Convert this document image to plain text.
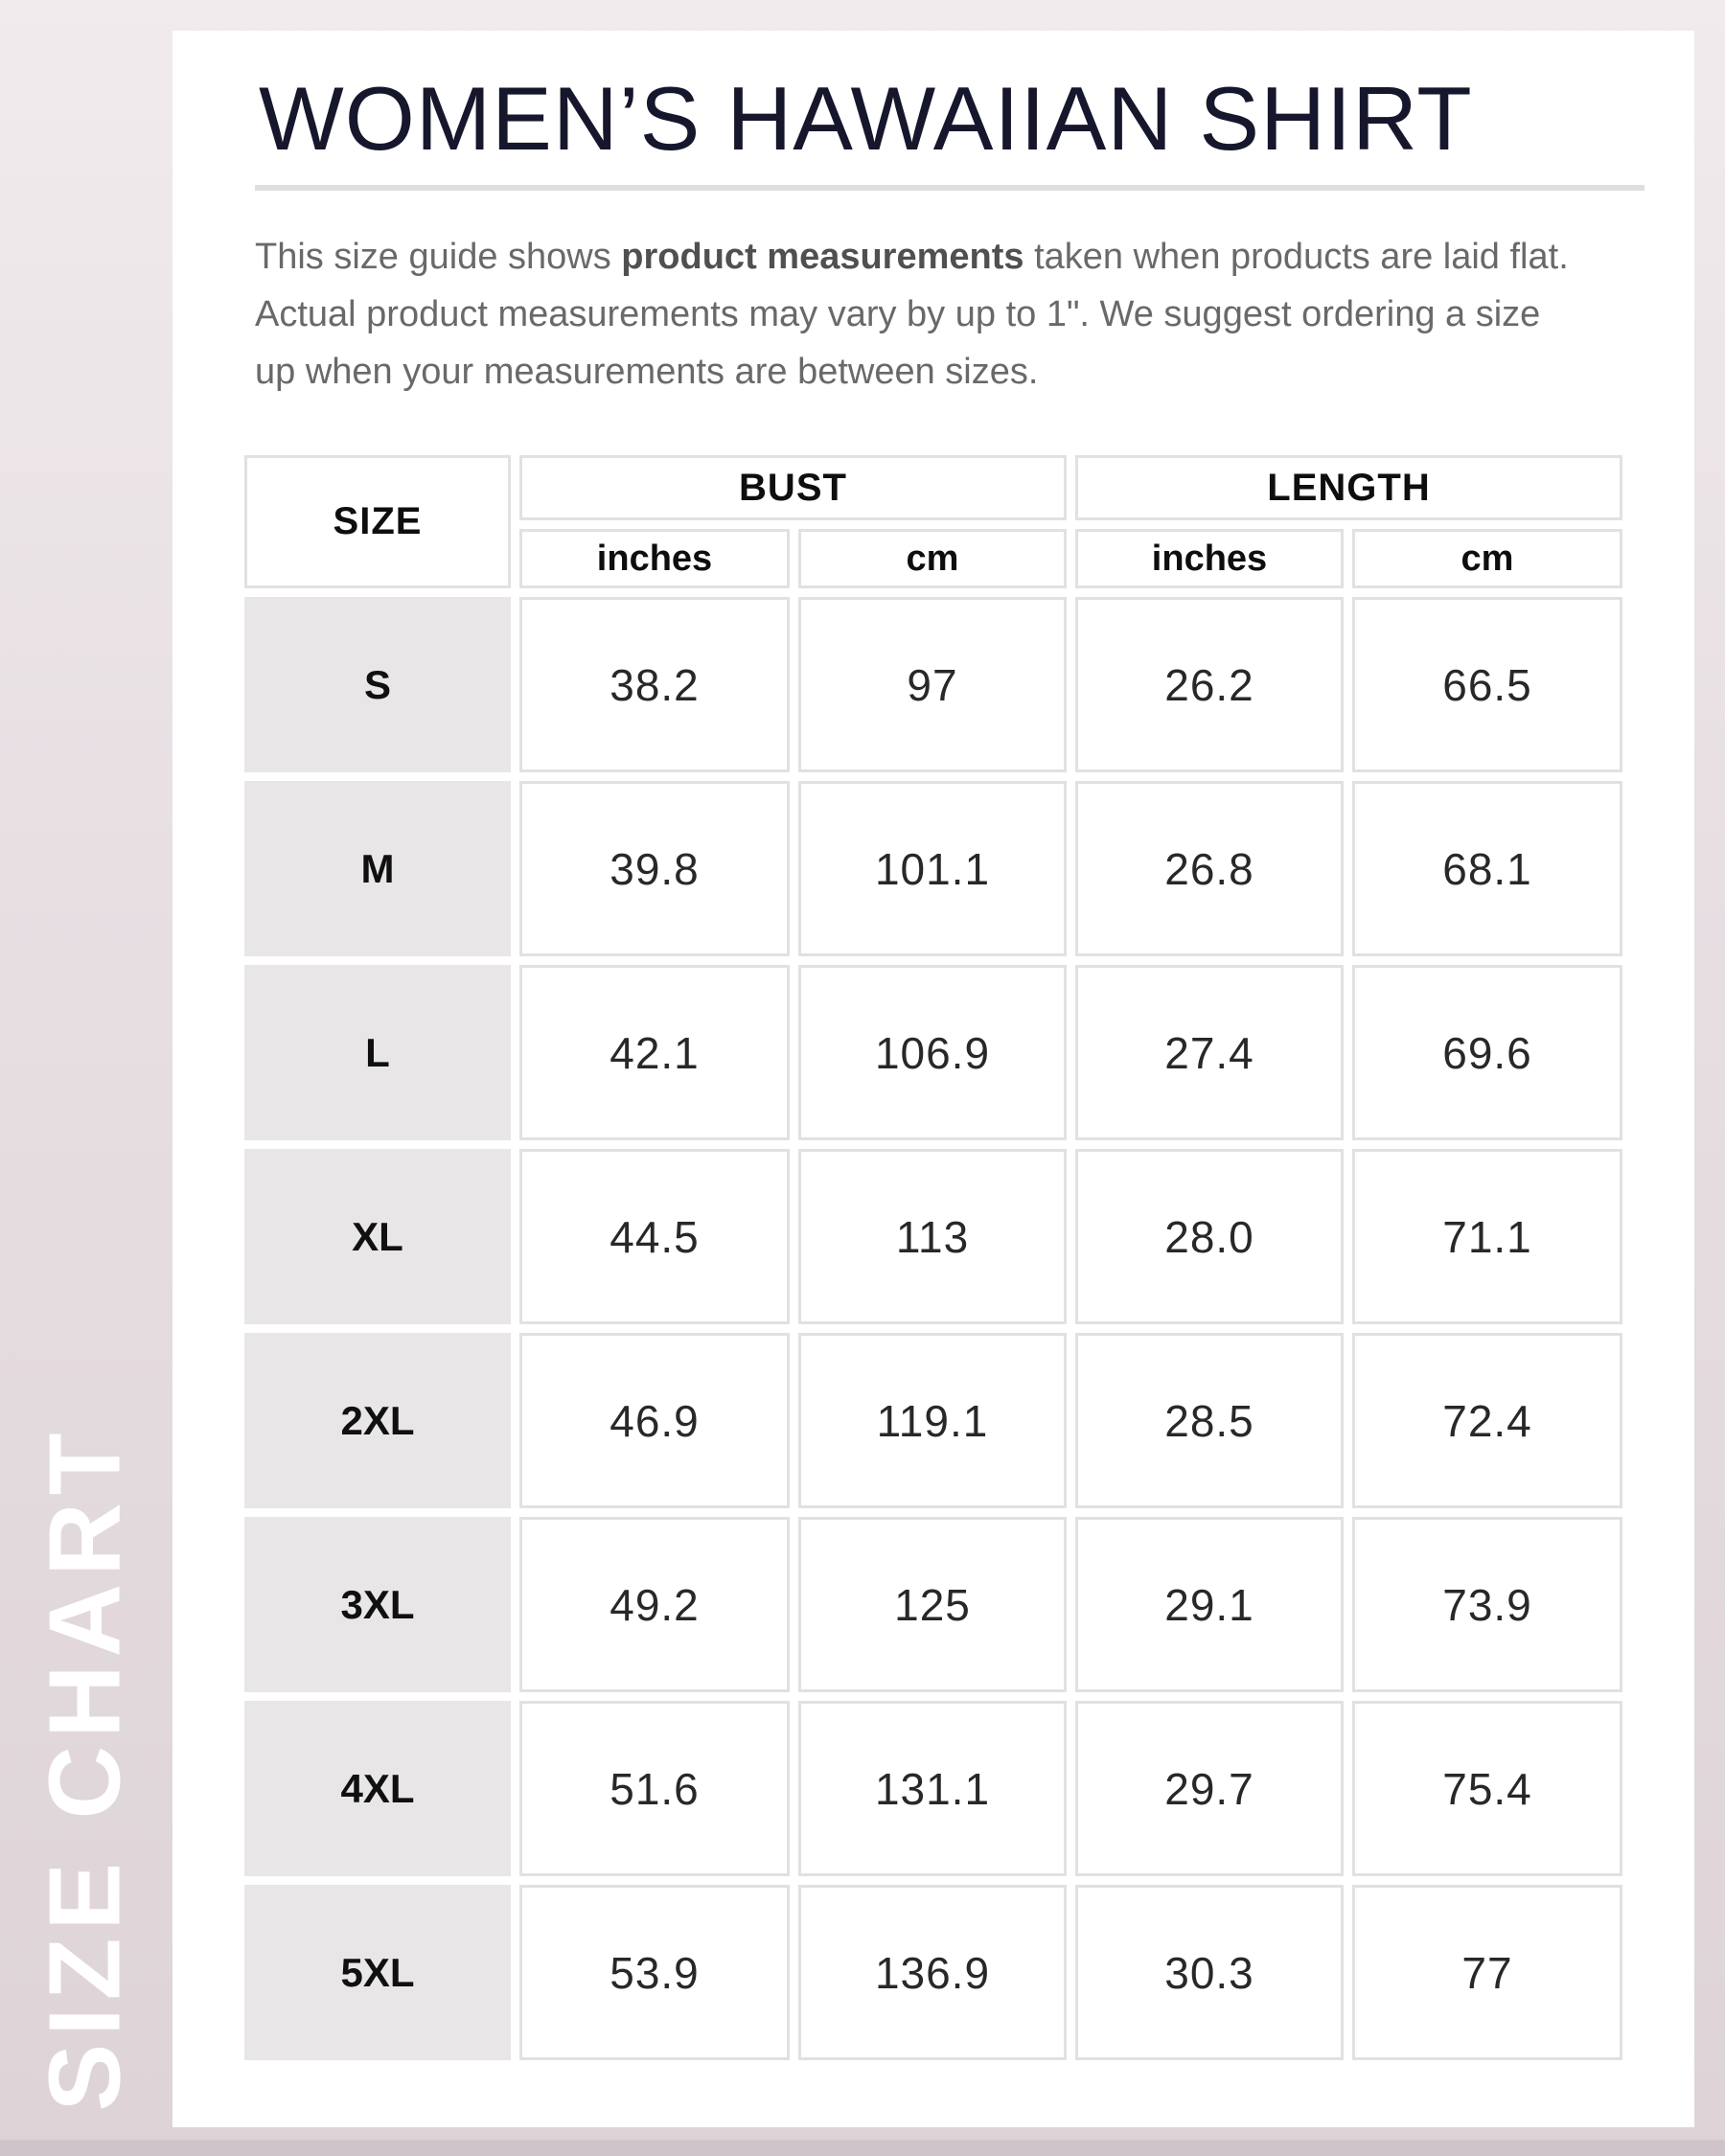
SIZE CHART
WOMEN’S HAWAIIAN SHIRT

This size guide shows product measurements taken when products are laid flat.
Actual product measurements may vary by up to 1". We suggest ordering a size
up when your measurements are between sizes.

SIZE	BUST		LENGTH	
	inches	cm	inches	cm
S	38.2	97	26.2	66.5
M	39.8	101.1	26.8	68.1
L	42.1	106.9	27.4	69.6
XL	44.5	113	28.0	71.1
2XL	46.9	119.1	28.5	72.4
3XL	49.2	125	29.1	73.9
4XL	51.6	131.1	29.7	75.4
5XL	53.9	136.9	30.3	77
